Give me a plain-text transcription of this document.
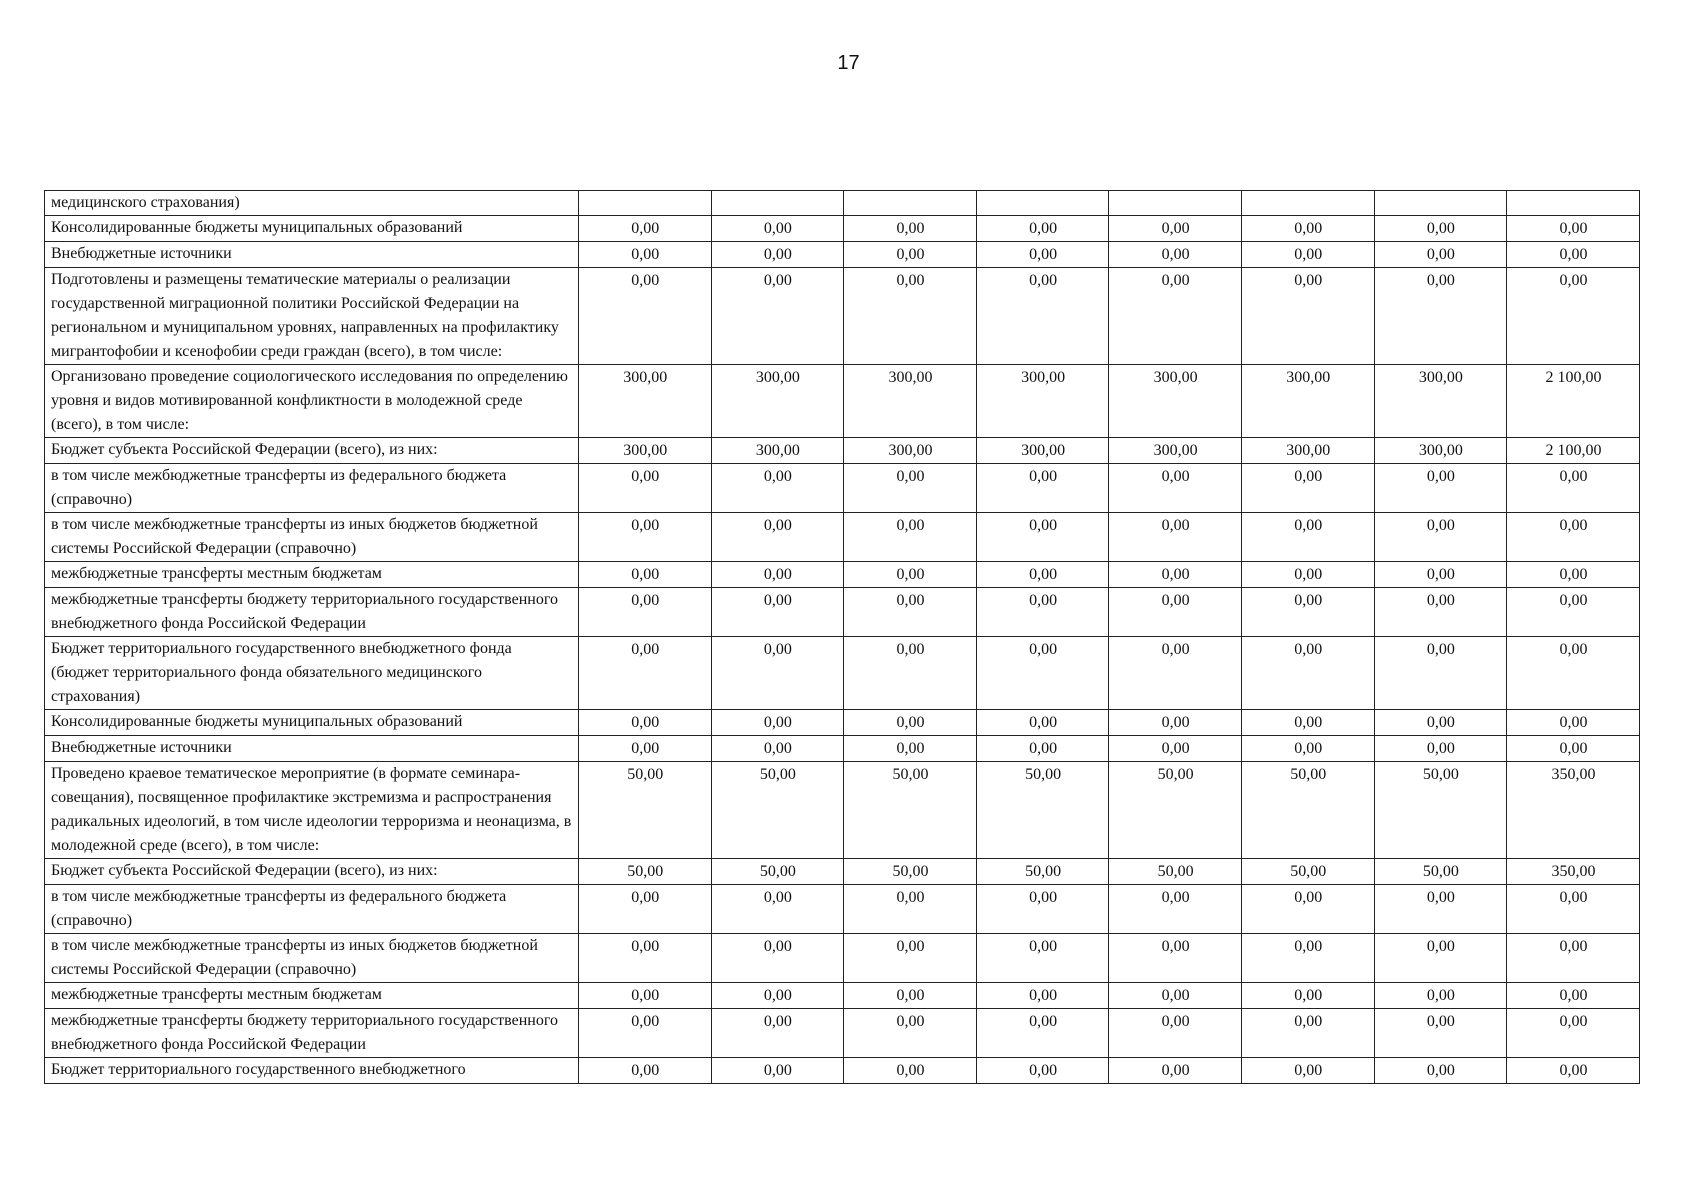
17
медицинского страхования)								
Консолидированные бюджеты муниципальных образований	0,00	0,00	0,00	0,00	0,00	0,00	0,00	0,00
Внебюджетные источники	0,00	0,00	0,00	0,00	0,00	0,00	0,00	0,00
Подготовлены и размещены тематические материалы о реализации государственной миграционной политики Российской Федерации на региональном и муниципальном уровнях, направленных на профилактику мигрантофобии и ксенофобии среди граждан (всего), в том числе:	0,00	0,00	0,00	0,00	0,00	0,00	0,00	0,00
Организовано проведение социологического исследования по определению уровня и видов мотивированной конфликтности в молодежной среде (всего), в том числе:	300,00	300,00	300,00	300,00	300,00	300,00	300,00	2 100,00
Бюджет субъекта Российской Федерации (всего), из них:	300,00	300,00	300,00	300,00	300,00	300,00	300,00	2 100,00
в том числе межбюджетные трансферты из федерального бюджета (справочно)	0,00	0,00	0,00	0,00	0,00	0,00	0,00	0,00
в том числе межбюджетные трансферты из иных бюджетов бюджетной системы Российской Федерации (справочно)	0,00	0,00	0,00	0,00	0,00	0,00	0,00	0,00
межбюджетные трансферты местным бюджетам	0,00	0,00	0,00	0,00	0,00	0,00	0,00	0,00
межбюджетные трансферты бюджету территориального государственного внебюджетного фонда Российской Федерации	0,00	0,00	0,00	0,00	0,00	0,00	0,00	0,00
Бюджет территориального государственного внебюджетного фонда (бюджет территориального фонда обязательного медицинского страхования)	0,00	0,00	0,00	0,00	0,00	0,00	0,00	0,00
Консолидированные бюджеты муниципальных образований	0,00	0,00	0,00	0,00	0,00	0,00	0,00	0,00
Внебюджетные источники	0,00	0,00	0,00	0,00	0,00	0,00	0,00	0,00
Проведено краевое тематическое мероприятие (в формате семинара-совещания), посвященное профилактике экстремизма и распространения радикальных идеологий, в том числе идеологии терроризма и неонацизма, в молодежной среде (всего), в том числе:	50,00	50,00	50,00	50,00	50,00	50,00	50,00	350,00
Бюджет субъекта Российской Федерации (всего), из них:	50,00	50,00	50,00	50,00	50,00	50,00	50,00	350,00
в том числе межбюджетные трансферты из федерального бюджета (справочно)	0,00	0,00	0,00	0,00	0,00	0,00	0,00	0,00
в том числе межбюджетные трансферты из иных бюджетов бюджетной системы Российской Федерации (справочно)	0,00	0,00	0,00	0,00	0,00	0,00	0,00	0,00
межбюджетные трансферты местным бюджетам	0,00	0,00	0,00	0,00	0,00	0,00	0,00	0,00
межбюджетные трансферты бюджету территориального государственного внебюджетного фонда Российской Федерации	0,00	0,00	0,00	0,00	0,00	0,00	0,00	0,00
Бюджет территориального государственного внебюджетного	0,00	0,00	0,00	0,00	0,00	0,00	0,00	0,00
